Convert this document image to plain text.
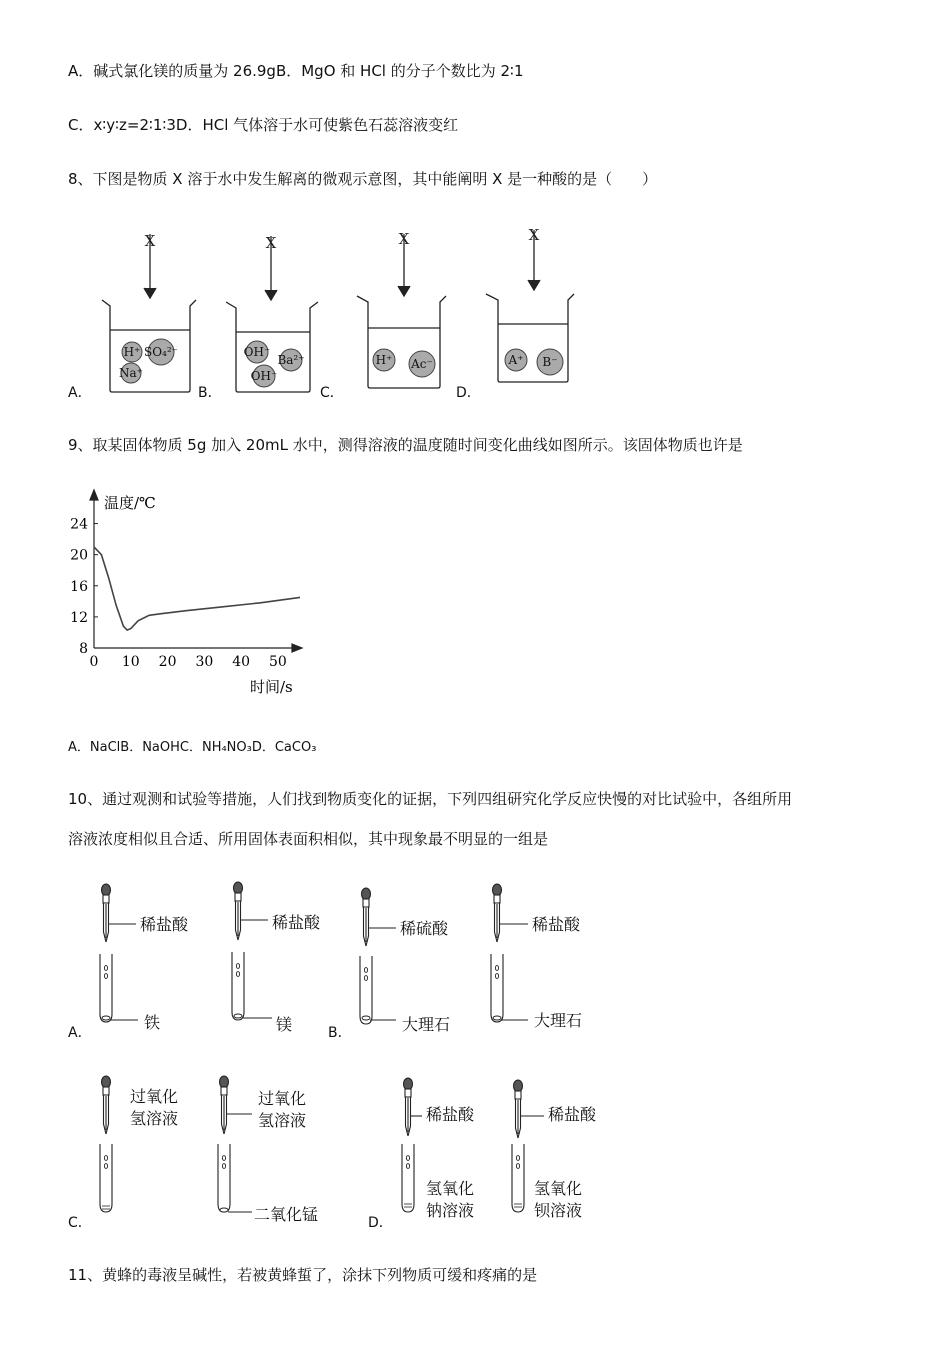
A．碱式氯化镁的质量为 26.9gB．MgO 和 HCl 的分子个数比为 2∶1
C．x∶y∶z=2∶1∶3D．HCl 气体溶于水可使紫色石蕊溶液变红
8、下图是物质 X 溶于水中发生解离的微观示意图，其中能阐明 X 是一种酸的是（　　）
X	X	X	X
H⁺ SO₄²⁻
Na⁺
OH⁻
Ba²⁺
OH⁻
H⁺ Ac⁻	A⁺ B⁻
A．	B．	C．	D．
9、取某固体物质 5g 加入 20mL 水中，测得溶液的温度随时间变化曲线如图所示。该固体物质也许是
温度/℃
时间/s
0 10 20 30 40 50
8
12
16
20
24
A．NaClB．NaOHC．NH₄NO₃D．CaCO₃
10、通过观测和试验等措施，人们找到物质变化的证据，下列四组研究化学反应快慢的对比试验中，各组所用
溶液浓度相似且合适、所用固体表面积相似，其中现象最不明显的一组是
稀盐酸
铁
稀盐酸
镁
稀硫酸
大理石
稀盐酸
大理石
过氧化
氢溶液
过氧化
氢溶液
二氧化锰
稀盐酸
氢氧化
钠溶液
稀盐酸
氢氧化
钡溶液
A．	B．
C．	D．
11、黄蜂的毒液呈碱性，若被黄蜂蜇了，涂抹下列物质可缓和疼痛的是
